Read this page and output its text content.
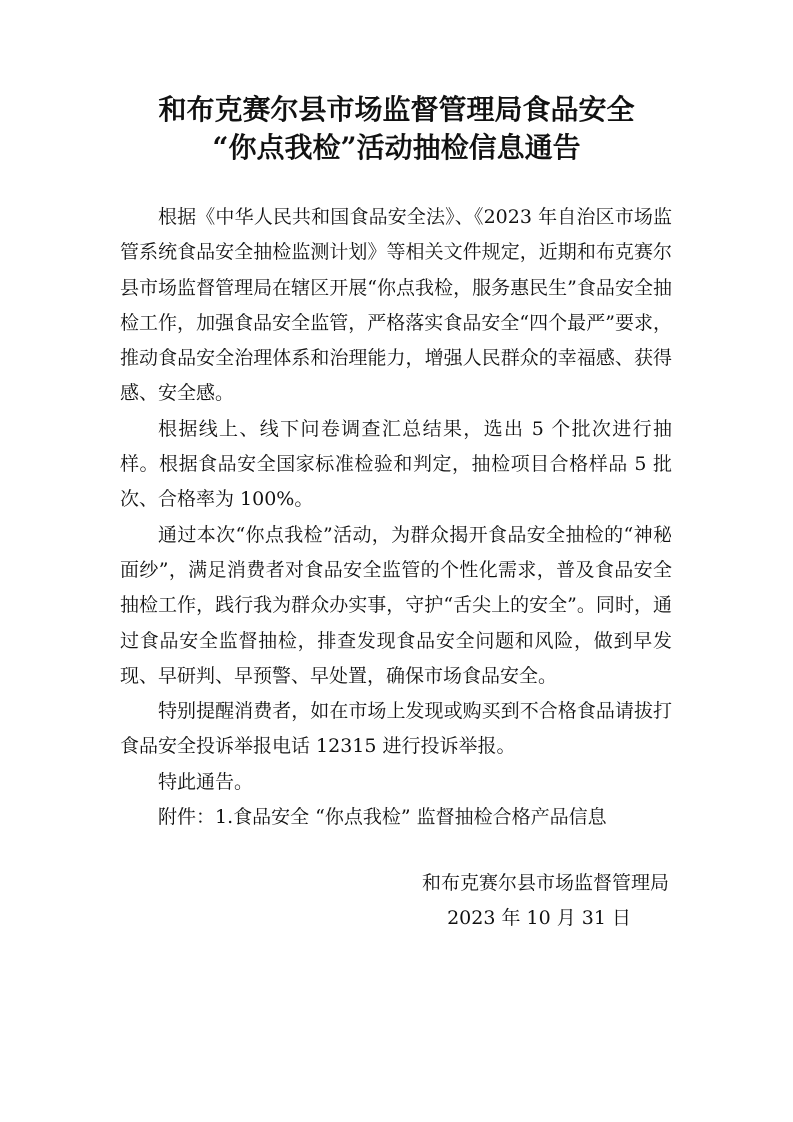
和布克赛尔县市场监督管理局食品安全
“你点我检”活动抽检信息通告

根据《中华人民共和国食品安全法》、《2023 年自治区市场监管系统食品安全抽检监测计划》等相关文件规定，近期和布克赛尔县市场监督管理局在辖区开展“你点我检，服务惠民生”食品安全抽检工作，加强食品安全监管，严格落实食品安全“四个最严”要求，推动食品安全治理体系和治理能力，增强人民群众的幸福感、获得感、安全感。

根据线上、线下问卷调查汇总结果，选出 5 个批次进行抽样。根据食品安全国家标准检验和判定，抽检项目合格样品 5 批次、合格率为 100%。

通过本次“你点我检”活动，为群众揭开食品安全抽检的“神秘面纱”，满足消费者对食品安全监管的个性化需求，普及食品安全抽检工作，践行我为群众办实事，守护“舌尖上的安全”。同时，通过食品安全监督抽检，排查发现食品安全问题和风险，做到早发现、早研判、早预警、早处置，确保市场食品安全。

特别提醒消费者，如在市场上发现或购买到不合格食品请拔打食品安全投诉举报电话 12315 进行投诉举报。

特此通告。

附件：1.食品安全 “你点我检” 监督抽检合格产品信息

和布克赛尔县市场监督管理局
2023 年 10 月 31 日
